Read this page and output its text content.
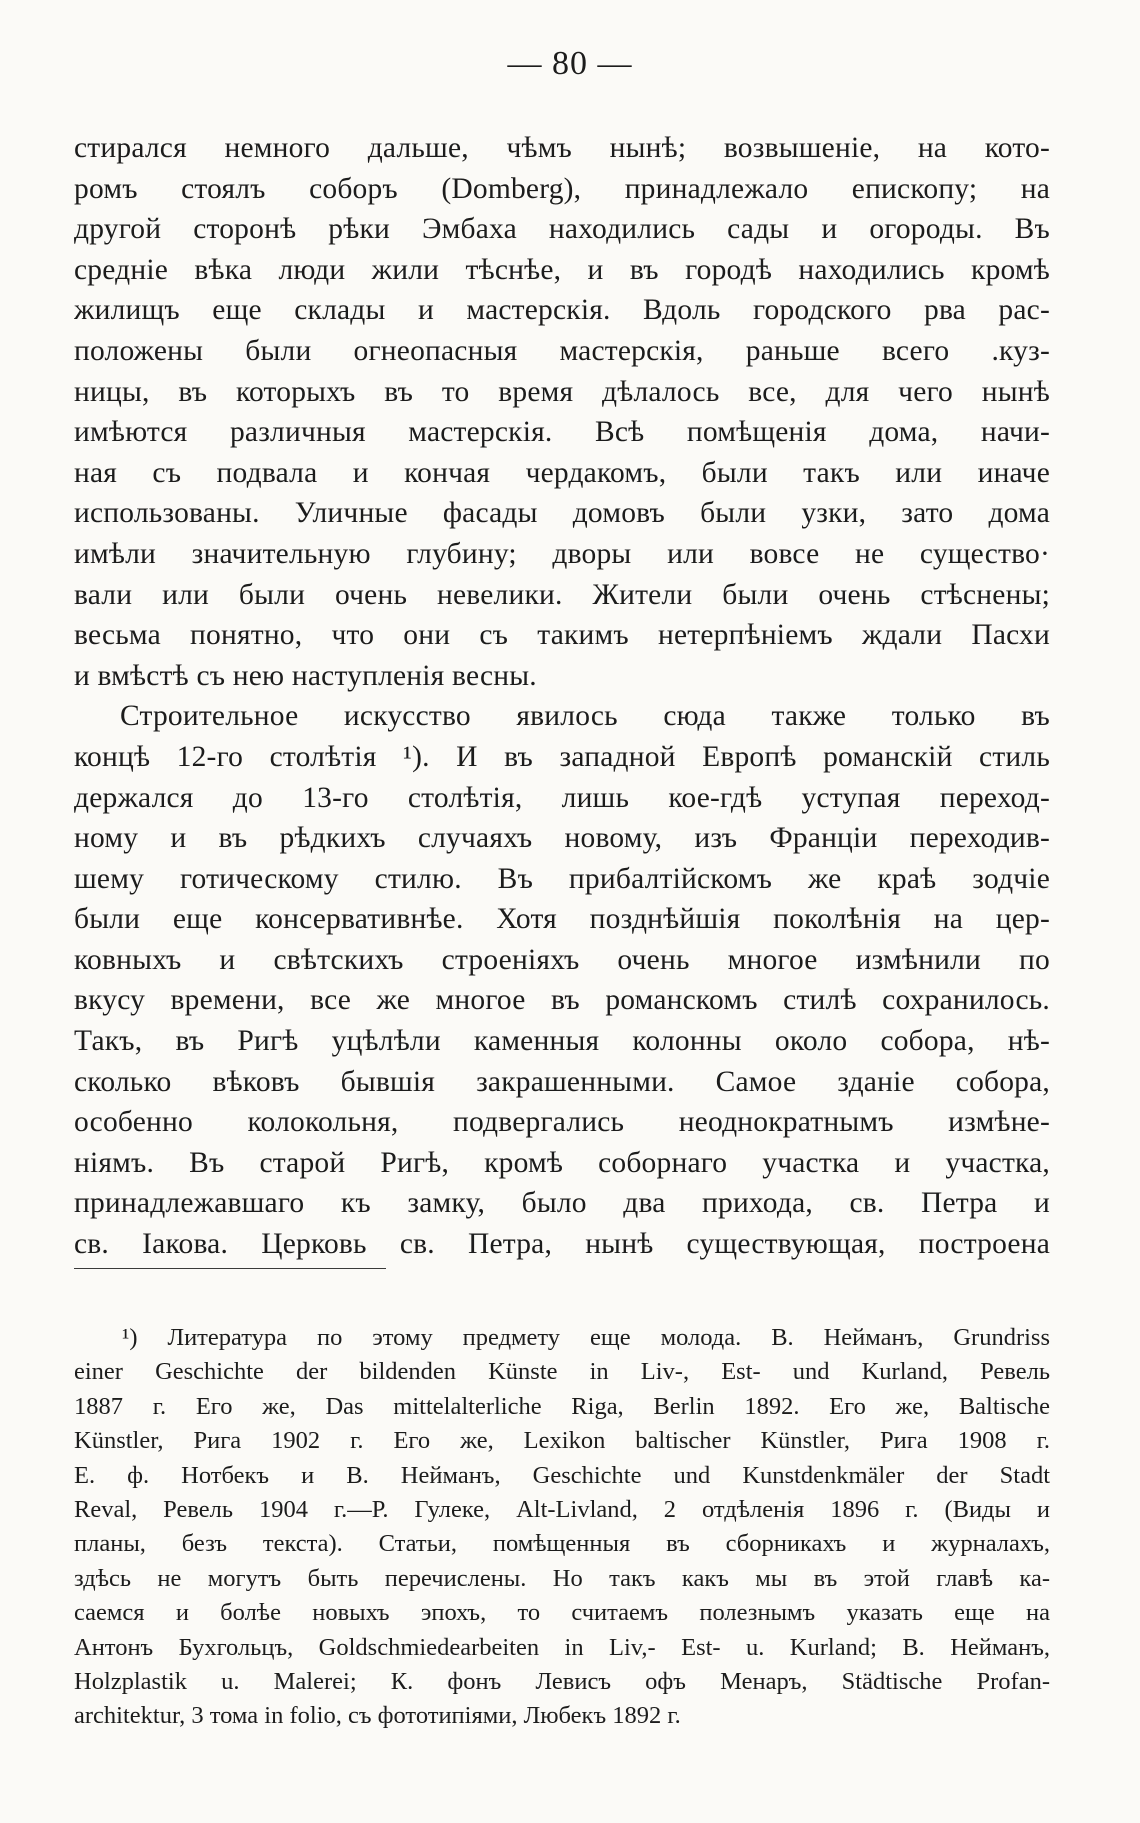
— 80 —
стирался немного дальше, чѣмъ нынѣ; возвышеніе, на кото-
ромъ стоялъ соборъ (Domberg), принадлежало епископу; на
другой сторонѣ рѣки Эмбаха находились сады и огороды. Въ
средніе вѣка люди жили тѣснѣе, и въ городѣ находились кромѣ
жилищъ еще склады и мастерскія. Вдоль городского рва рас-
положены были огнеопасныя мастерскія, раньше всего .куз-
ницы, въ которыхъ въ то время дѣлалось все, для чего нынѣ
имѣются различныя мастерскія. Всѣ помѣщенія дома, начи-
ная съ подвала и кончая чердакомъ, были такъ или иначе
использованы. Уличные фасады домовъ были узки, зато дома
имѣли значительную глубину; дворы или вовсе не существо·
вали или были очень невелики. Жители были очень стѣснены;
весьма понятно, что они съ такимъ нетерпѣніемъ ждали Пасхи
и вмѣстѣ съ нею наступленія весны.
Строительное искусство явилось сюда также только въ
концѣ 12-го столѣтія ¹). И въ западной Европѣ романскій стиль
держался до 13-го столѣтія, лишь кое-гдѣ уступая переход-
ному и въ рѣдкихъ случаяхъ новому, изъ Франціи переходив-
шему готическому стилю. Въ прибалтійскомъ же краѣ зодчіе
были еще консервативнѣе. Хотя позднѣйшія поколѣнія на цер-
ковныхъ и свѣтскихъ строеніяхъ очень многое измѣнили по
вкусу времени, все же многое въ романскомъ стилѣ сохранилось.
Такъ, въ Ригѣ уцѣлѣли каменныя колонны около собора, нѣ-
сколько вѣковъ бывшія закрашенными. Самое зданіе собора,
особенно колокольня, подвергались неоднократнымъ измѣне-
ніямъ. Въ старой Ригѣ, кромѣ соборнаго участка и участка,
принадлежавшаго къ замку, было два прихода, св. Петра и
св. Іакова. Церковь св. Петра, нынѣ существующая, построена
¹) Литература по этому предмету еще молода. В. Нейманъ, Grundriss
einer Geschichte der bildenden Künste in Liv-, Est- und Kurland, Ревель
1887 г. Его же, Das mittelalterliche Riga, Berlin 1892. Его же, Baltische
Künstler, Рига 1902 г. Его же, Lexikon baltischer Künstler, Рига 1908 г.
Е. ф. Нотбекъ и В. Нейманъ, Geschichte und Kunstdenkmäler der Stadt
Reval, Ревель 1904 г.—Р. Гулеке, Alt-Livland, 2 отдѣленія 1896 г. (Виды и
планы, безъ текста). Статьи, помѣщенныя въ сборникахъ и журналахъ,
здѣсь не могутъ быть перечислены. Но такъ какъ мы въ этой главѣ ка-
саемся и болѣе новыхъ эпохъ, то считаемъ полезнымъ указать еще на
Антонъ Бухгольцъ, Goldschmiedearbeiten in Liv,- Est- u. Kurland; В. Нейманъ,
Holzplastik u. Malerei; К. фонъ Левисъ офъ Менаръ, Städtische Profan-
architektur, 3 тома in folio, съ фототипіями, Любекъ 1892 г.
